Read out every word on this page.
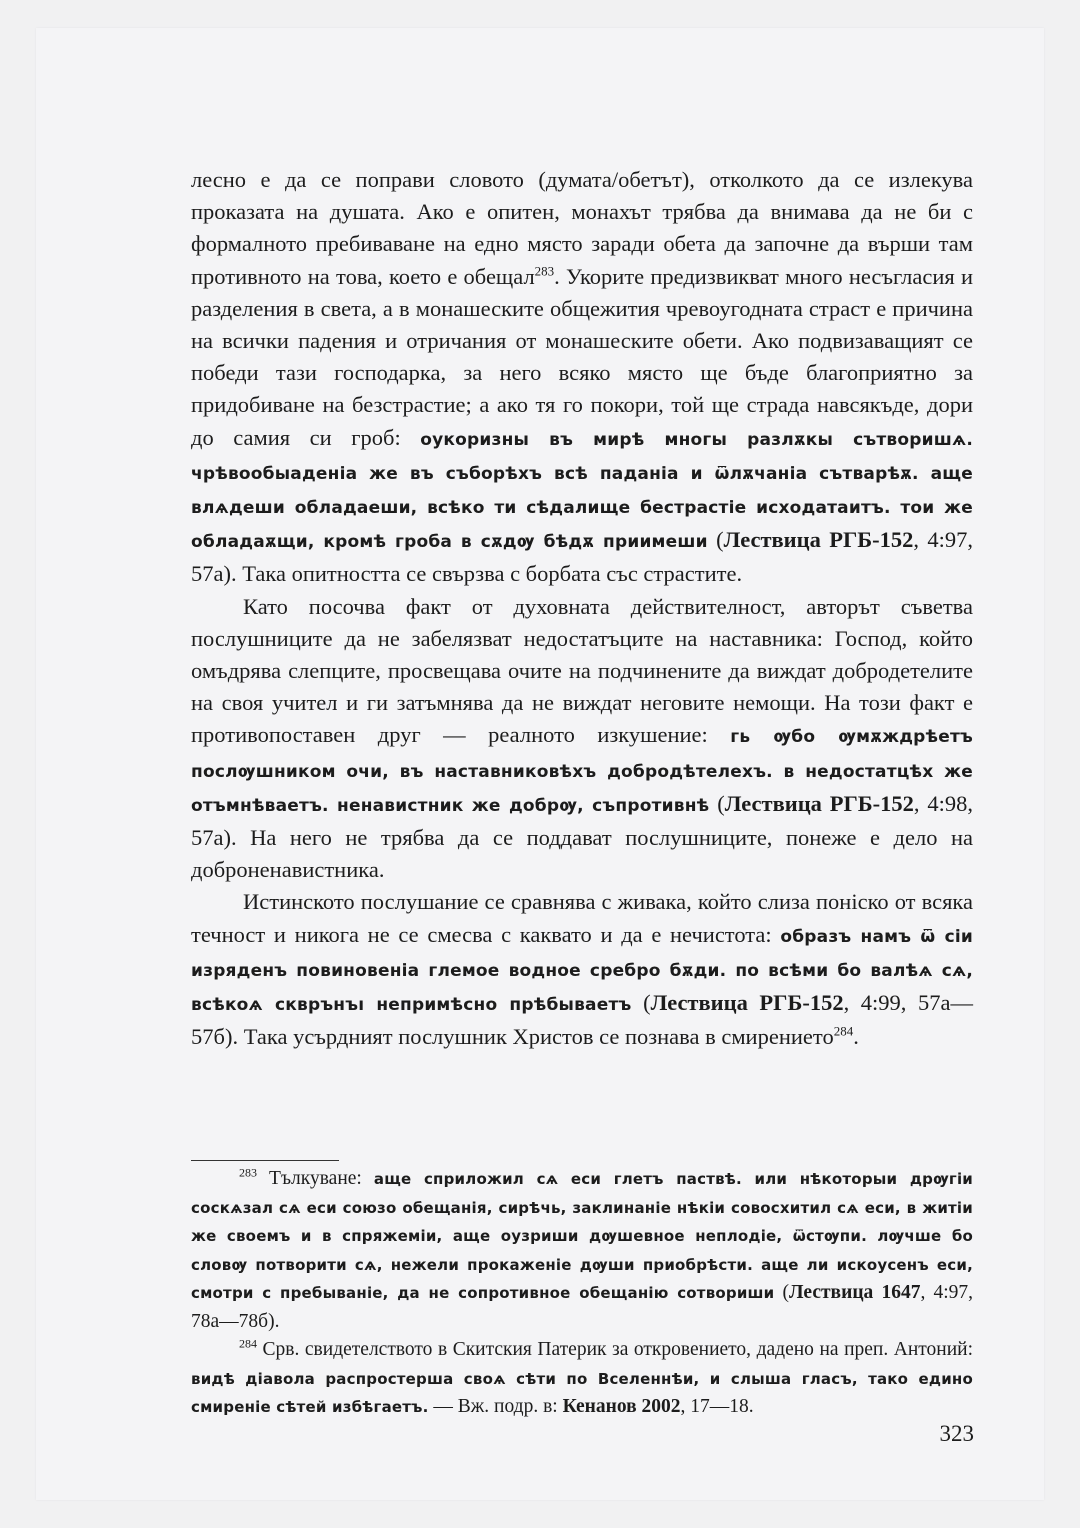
лесно е да се поправи словото (думата/обетът), отколкото да се излекува проказата на душата. Ако е опитен, монахът трябва да внимава да не би с формалното пребиваване на едно място заради обета да започне да върши там противното на това, което е обещал$^{283}$. Укорите предизвикват много несъгласия и разделения в света, а в монашеските общежития чревоугодната страст е причина на всички падения и отричания от монашеските обети. Ако подвизаващият се победи тази господарка, за него всяко място ще бъде благоприятно за придобиване на безстрастие; а ако тя го покори, той ще страда навсякъде, дори до самия си гроб: оукоризны въ мирѣ многы разлѫкы сътворишѧ. чрѣвообыаденіа же въ съборѣхъ всѣ паданіа и ѿлѫчаніа сътварѣѫ. аще влѧдеши обладаеши, всѣко ти сѣдалище бестрастіе исходатаитъ. тои же обладаѫщи, кромѣ гроба в сѫдѹ бѣдѫ приимеши (Лествица РГБ-152, 4:97, 57а). Така опитността се свързва с борбата със страстите.

Като посочва факт от духовната действителност, авторът съветва послушниците да не забелязват недостатъците на наставника: Господ, който омъдрява слепците, просвещава очите на подчинените да виждат добродетелите на своя учител и ги затъмнява да не виждат неговите немощи. На този факт е противопоставен друг — реалното изкушение: гь ѹбо ѹмѫждрѣетъ послѹшником очи, въ наставниковѣхъ добродѣтелехъ. в недостатцѣх же отъмнѣваетъ. ненавистник же добрѹ, съпротивнѣ (Лествица РГБ-152, 4:98, 57а). На него не трябва да се поддават послушниците, понеже е дело на доброненавистника.

Истинското послушание се сравнява с живака, който слиза поніско от всяка течност и никога не се смесва с каквато и да е нечистота: образъ намъ ѿ сіи изряденъ повиновеніа глемое водное сребро бѫди. по всѣми бо валѣѧ сѧ, всѣкоѧ скврънъı непримѣсно прѣбываетъ (Лествица РГБ-152, 4:99, 57а—57б). Така усърдният послушник Христов се познава в смирението$^{284}$.

$^{283}$ Тълкуване: аще сприложил сѧ еси глетъ паствѣ. или нѣкоторыи дрѹгіи соскѧзал сѧ еси союзо обещанія, сирѣчь, заклинаніе нѣкіи совосхитил сѧ еси, в житіи же своемъ и в спряжеміи, аще оузриши дѹшевное неплодіе, ѿстѹпи. лѹчше бо словѹ потворити сѧ, нежели прокаженіе дѹши приобрѣсти. аще ли искоусенъ еси, смотри с пребываніе, да не сопротивное обещанію сотвориши (Лествица 1647, 4:97, 78а—78б).

$^{284}$ Срв. свидетелството в Скитския Патерик за откровението, дадено на преп. Антоний: видѣ діавола распростерша своѧ сѣти по Вселеннѣи, и слыша гласъ, тако едино смиреніе сѣтей избѣгаетъ. — Вж. подр. в: Кенанов 2002, 17—18.

323
